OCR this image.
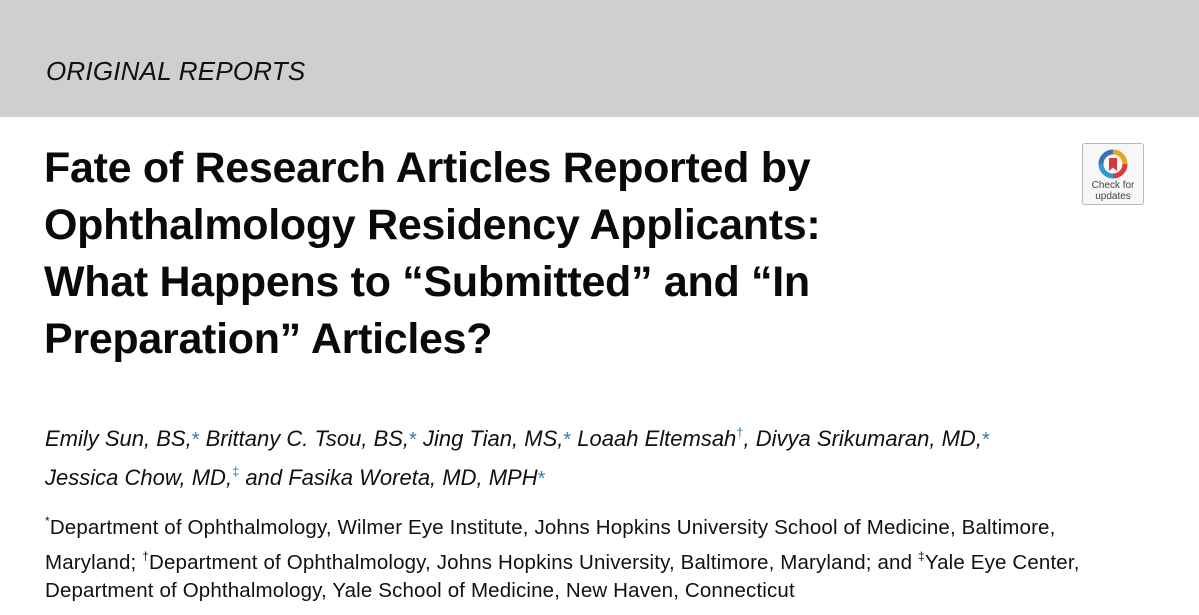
ORIGINAL REPORTS
Fate of Research Articles Reported by
Ophthalmology Residency Applicants:
What Happens to “Submitted” and “In
Preparation” Articles?
Check for
updates
Emily Sun, BS,* Brittany C. Tsou, BS,* Jing Tian, MS,* Loaah Eltemsah†, Divya Srikumaran, MD,*
Jessica Chow, MD,‡ and Fasika Woreta, MD, MPH*
*Department of Ophthalmology, Wilmer Eye Institute, Johns Hopkins University School of Medicine, Baltimore,
Maryland; †Department of Ophthalmology, Johns Hopkins University, Baltimore, Maryland; and ‡Yale Eye Center,
Department of Ophthalmology, Yale School of Medicine, New Haven, Connecticut
